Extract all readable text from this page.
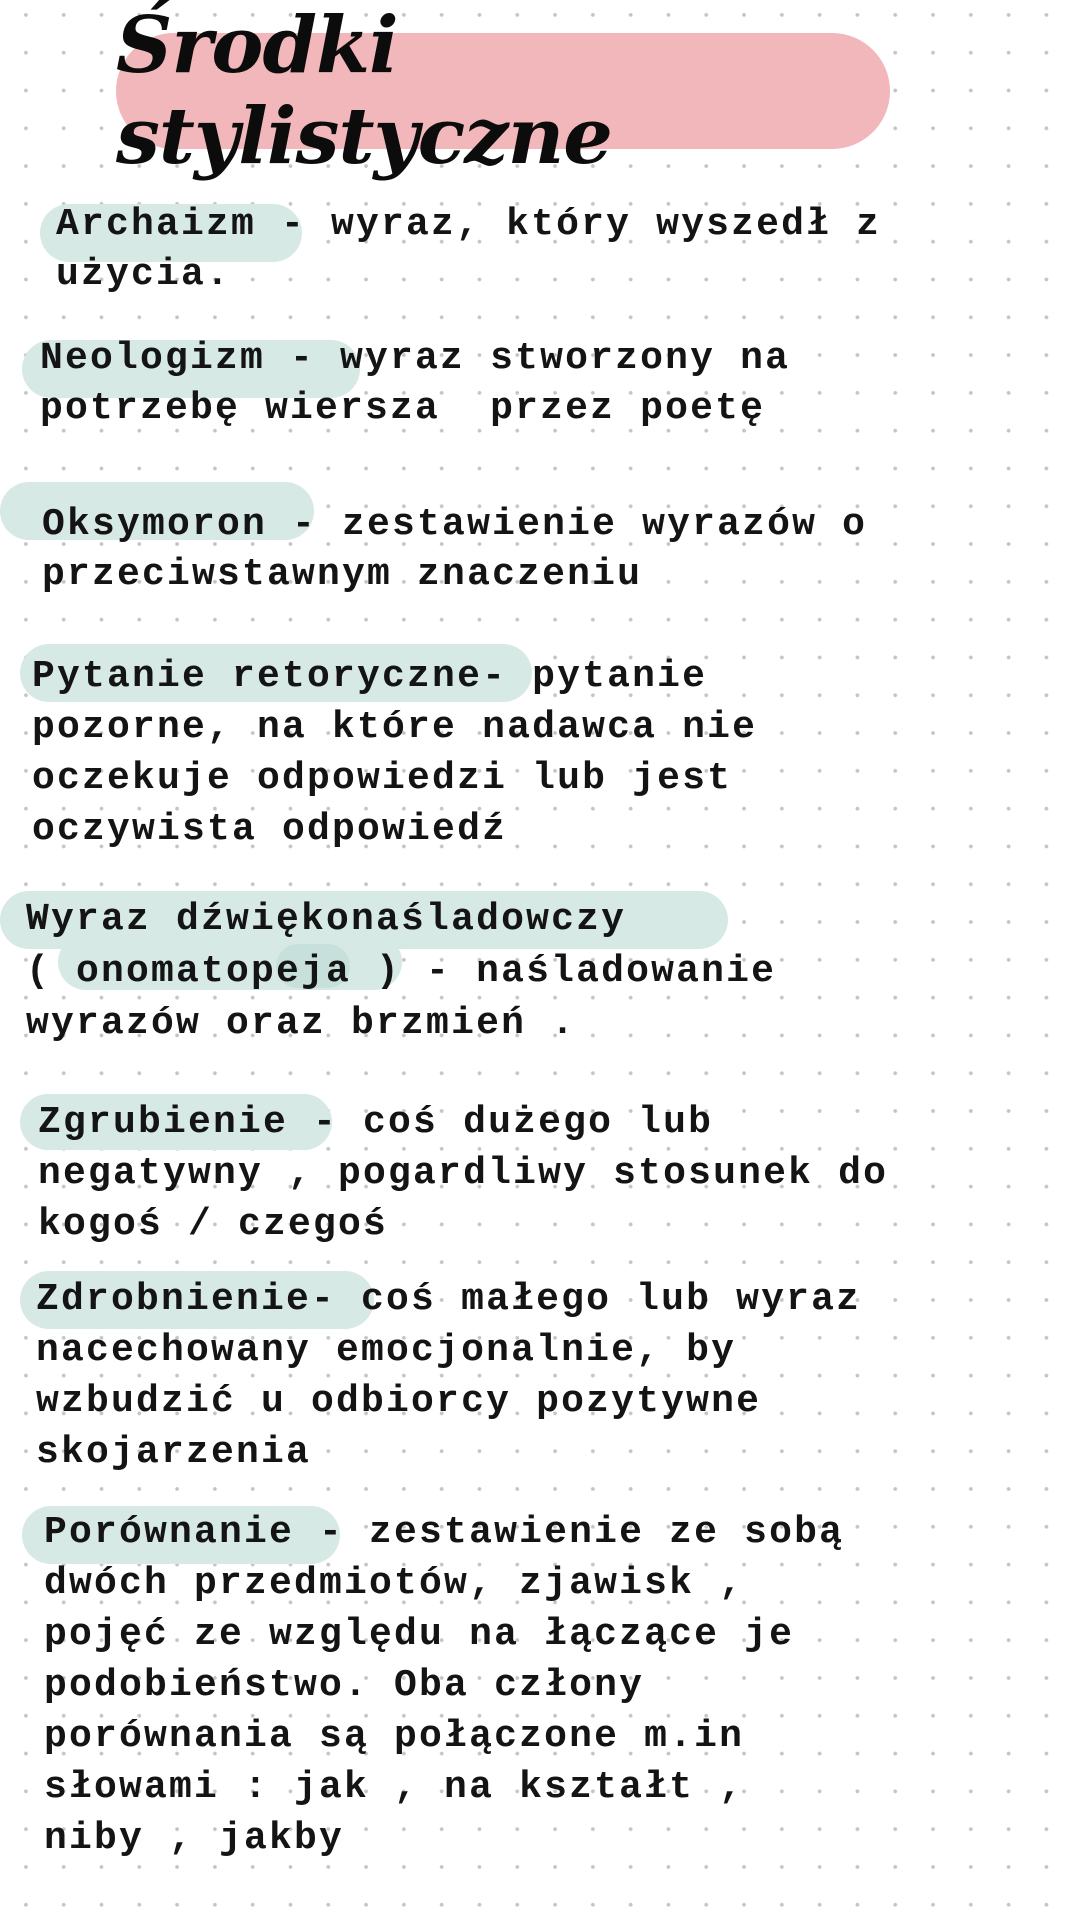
Środki stylistyczne
Archaizm - wyraz, który wyszedł z
użycia.
Neologizm - wyraz stworzony na
potrzebę wiersza  przez poetę
Oksymoron - zestawienie wyrazów o
przeciwstawnym znaczeniu
Pytanie retoryczne- pytanie
pozorne, na które nadawca nie
oczekuje odpowiedzi lub jest
oczywista odpowiedź
Wyraz dźwiękonaśladowczy
( onomatopeja ) - naśladowanie
wyrazów oraz brzmień .
Zgrubienie - coś dużego lub
negatywny , pogardliwy stosunek do
kogoś / czegoś
Zdrobnienie- coś małego lub wyraz
nacechowany emocjonalnie, by
wzbudzić u odbiorcy pozytywne
skojarzenia
Porównanie - zestawienie ze sobą
dwóch przedmiotów, zjawisk ,
pojęć ze względu na łączące je
podobieństwo. Oba człony
porównania są połączone m.in
słowami : jak , na kształt ,
niby , jakby
